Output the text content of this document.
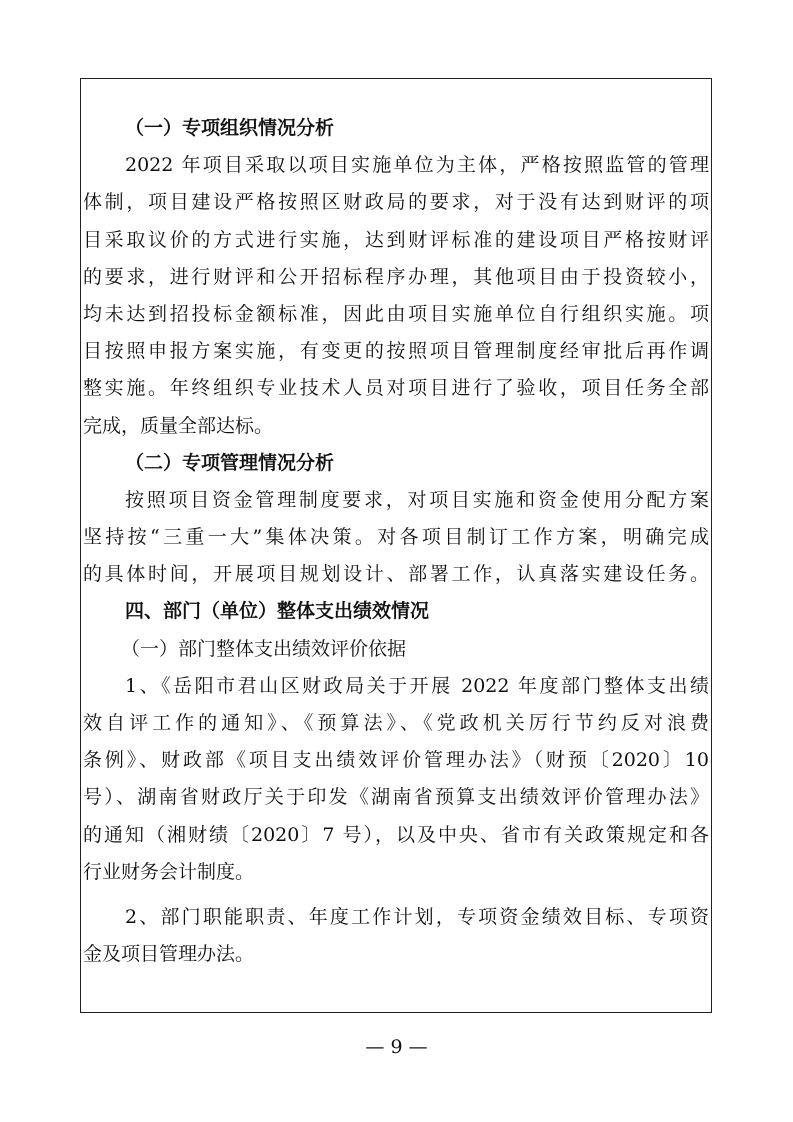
（一）专项组织情况分析
2022 年项目采取以项目实施单位为主体，严格按照监管的管理
体制，项目建设严格按照区财政局的要求，对于没有达到财评的项
目采取议价的方式进行实施，达到财评标准的建设项目严格按财评
的要求，进行财评和公开招标程序办理，其他项目由于投资较小，
均未达到招投标金额标准，因此由项目实施单位自行组织实施。项
目按照申报方案实施，有变更的按照项目管理制度经审批后再作调
整实施。年终组织专业技术人员对项目进行了验收，项目任务全部
完成，质量全部达标。
（二）专项管理情况分析
按照项目资金管理制度要求，对项目实施和资金使用分配方案
坚持按“三重一大”集体决策。对各项目制订工作方案，明确完成
的具体时间，开展项目规划设计、部署工作，认真落实建设任务。
四、部门（单位）整体支出绩效情况
（一）部门整体支出绩效评价依据
1、《岳阳市君山区财政局关于开展 2022 年度部门整体支出绩
效自评工作的通知》、《预算法》、《党政机关厉行节约反对浪费
条例》、财政部《项目支出绩效评价管理办法》（财预〔2020〕10
号）、湖南省财政厅关于印发《湖南省预算支出绩效评价管理办法》
的通知（湘财绩〔2020〕7 号），以及中央、省市有关政策规定和各
行业财务会计制度。
2、部门职能职责、年度工作计划，专项资金绩效目标、专项资
金及项目管理办法。
— 9 —
